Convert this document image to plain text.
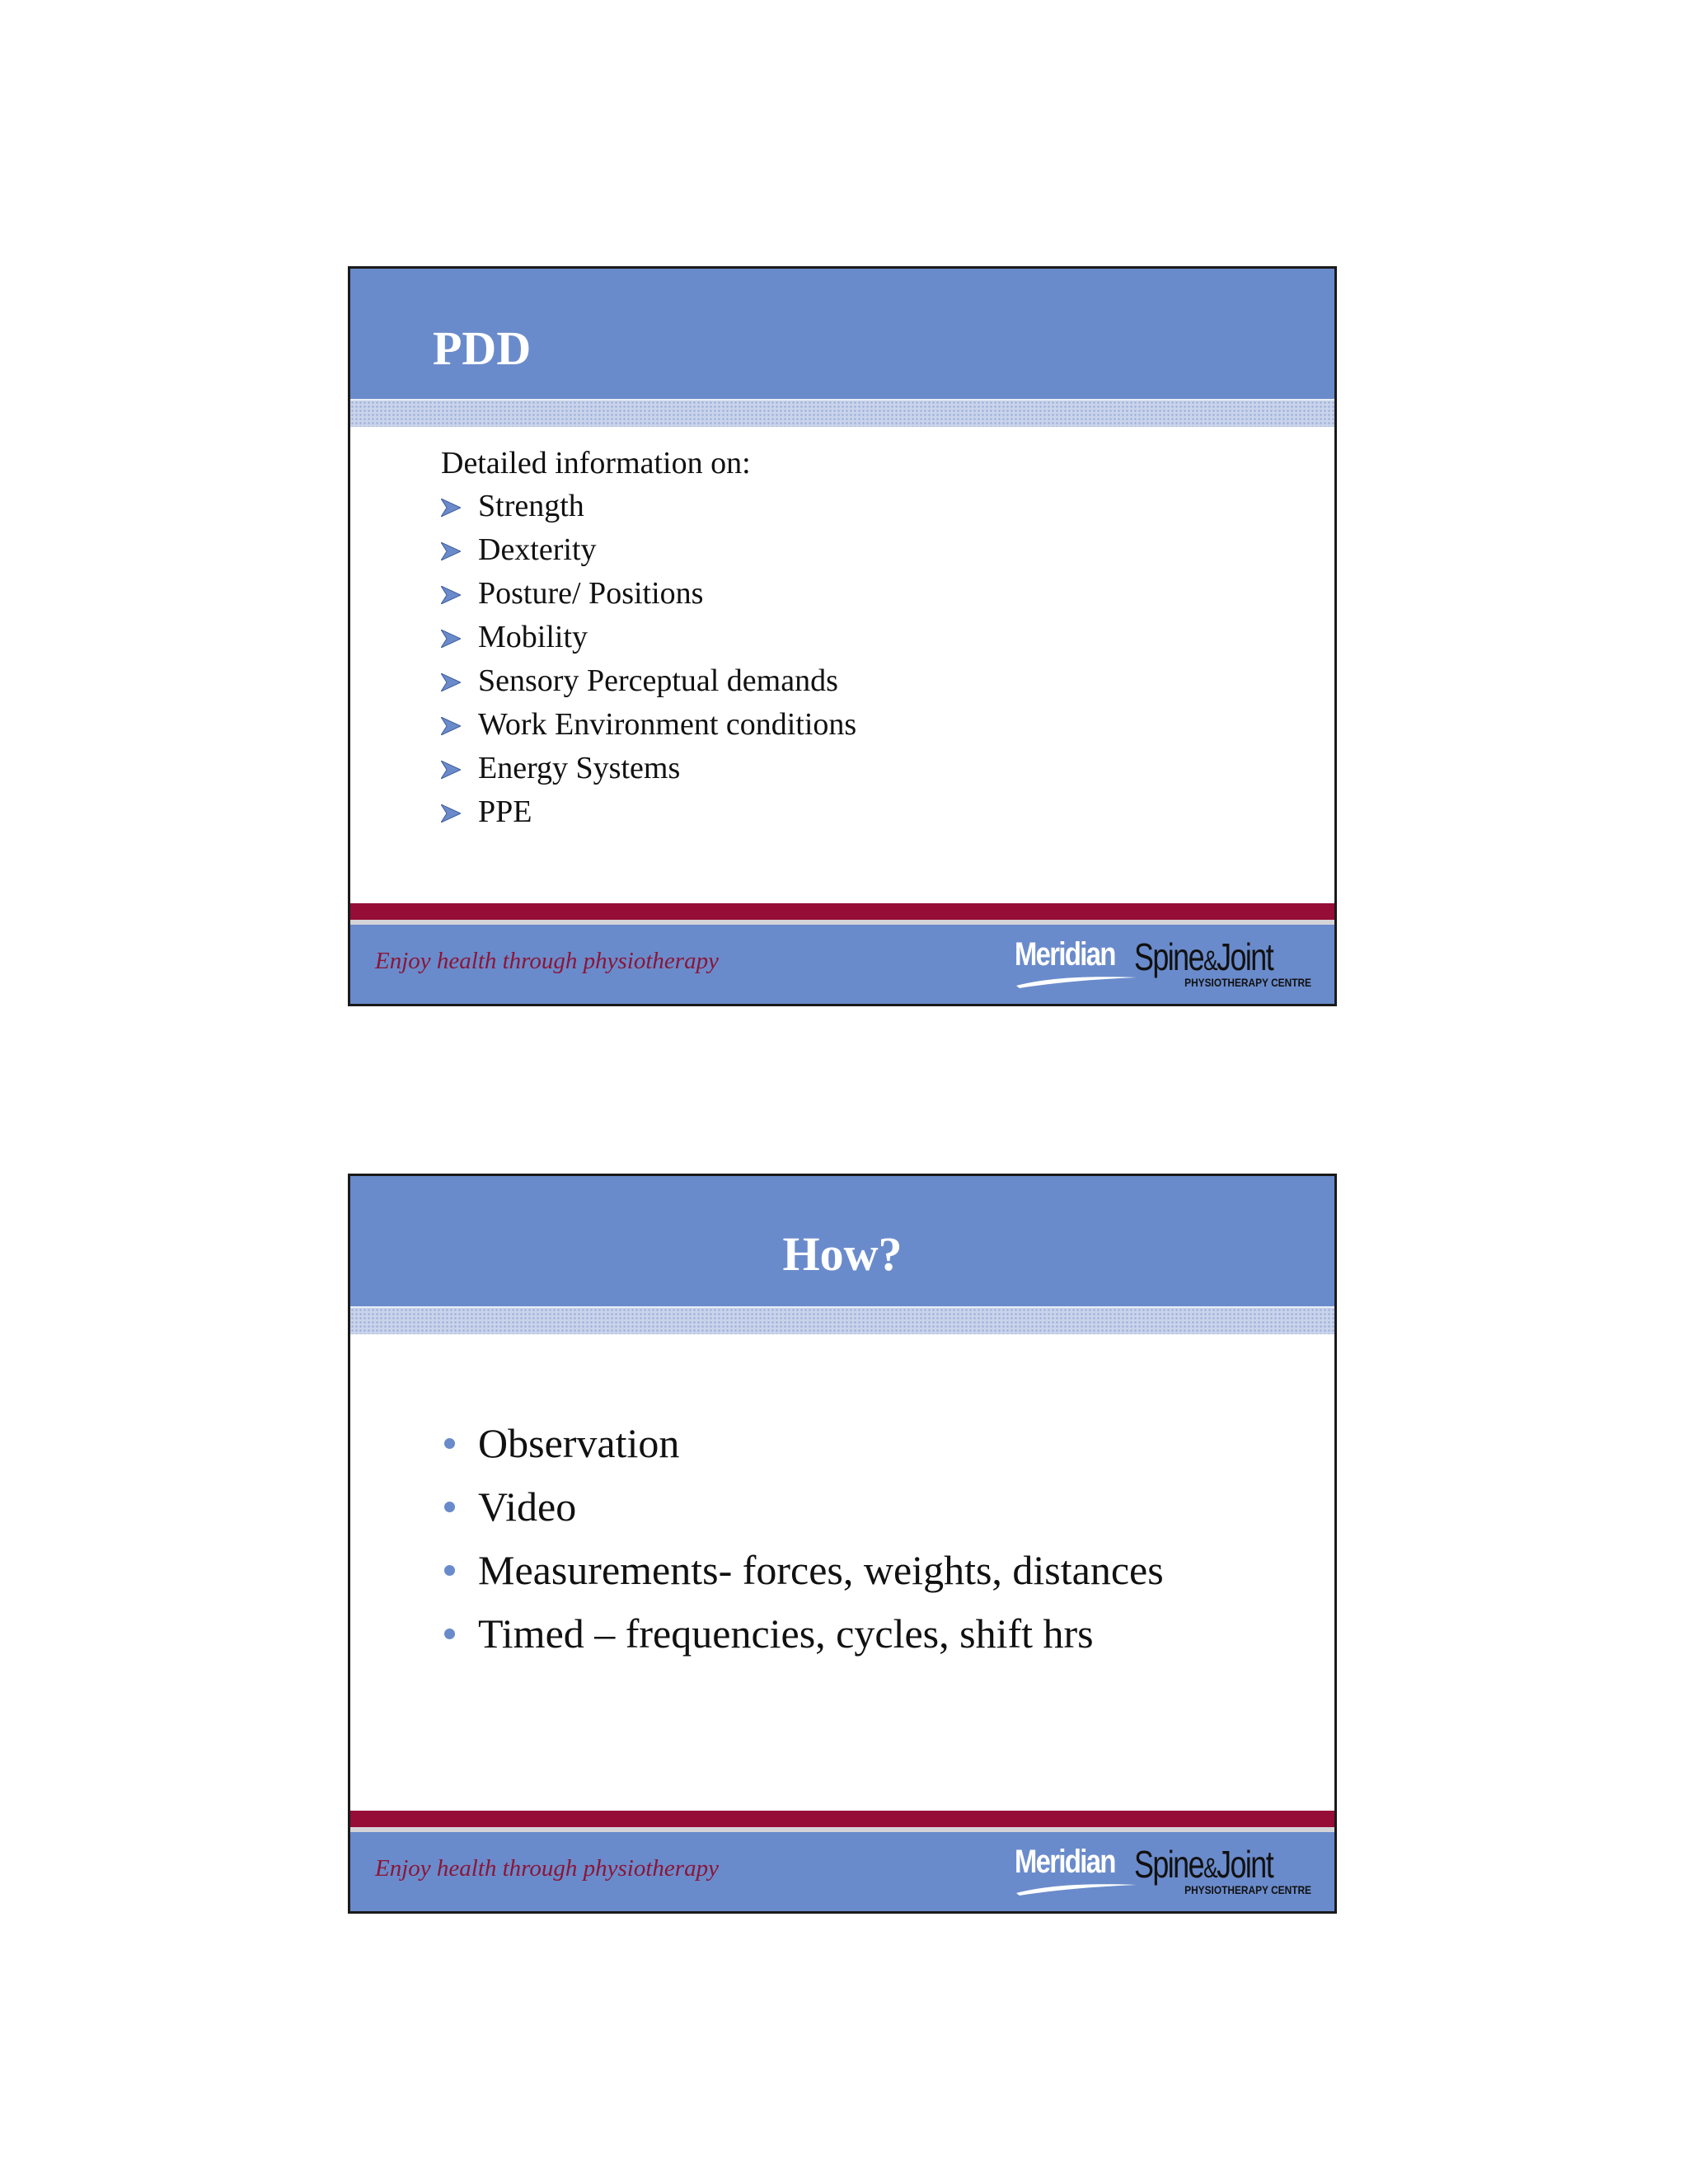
PDD
Detailed information on:
Strength
Dexterity
Posture/ Positions
Mobility
Sensory Perceptual demands
Work Environment conditions
Energy Systems
PPE
Enjoy health through physiotherapy	Meridian Spine&Joint
PHYSIOTHERAPY CENTRE
How?
Observation
Video
Measurements- forces, weights, distances
Timed – frequencies, cycles, shift hrs
Enjoy health through physiotherapy	Meridian Spine&Joint
PHYSIOTHERAPY CENTRE
